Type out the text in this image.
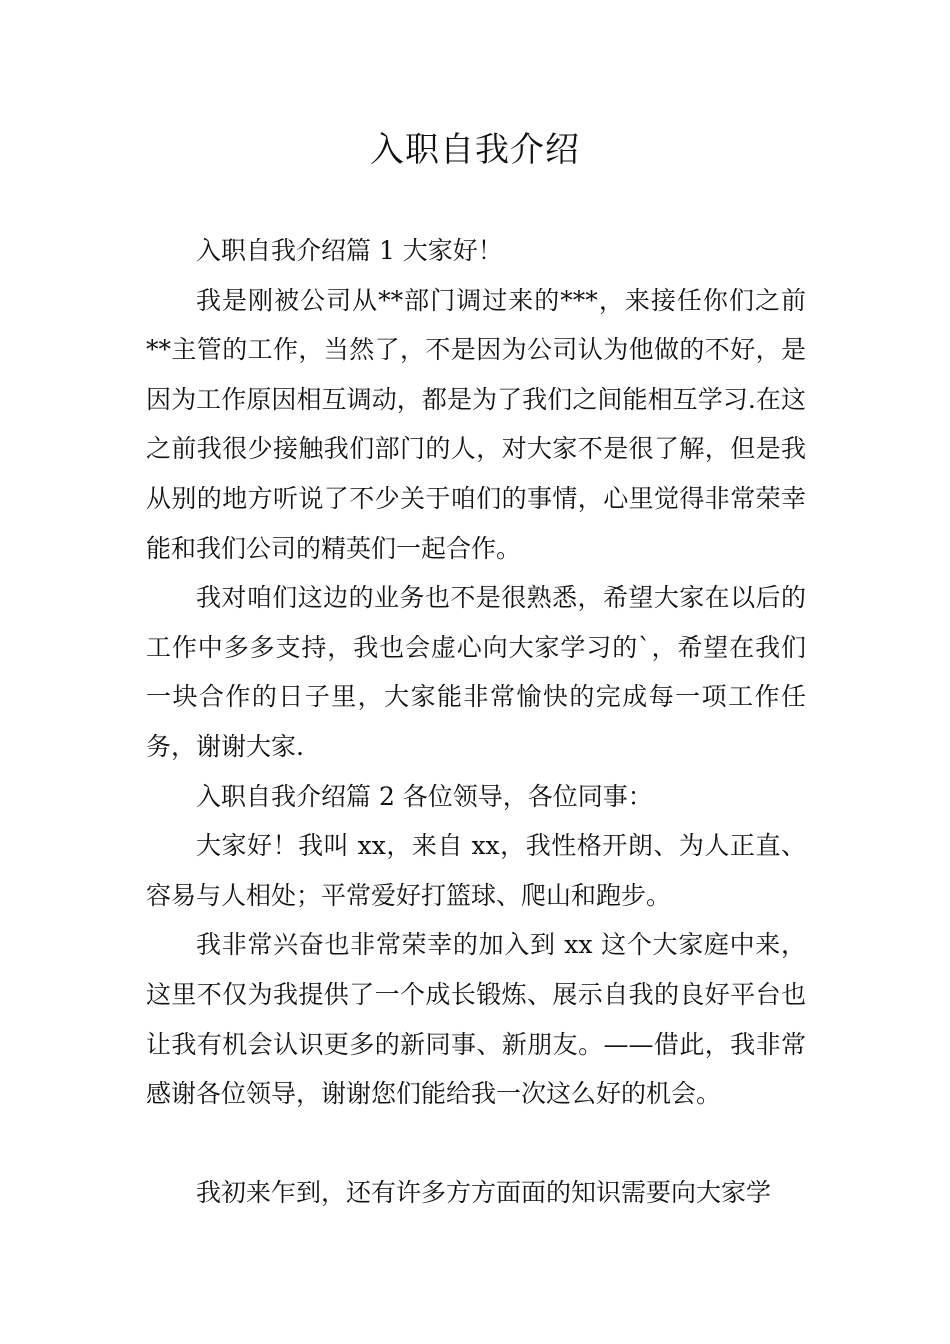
入职自我介绍

入职自我介绍篇 1 大家好！

我是刚被公司从**部门调过来的***，来接任你们之前**主管的工作，当然了，不是因为公司认为他做的不好，是因为工作原因相互调动，都是为了我们之间能相互学习.在这之前我很少接触我们部门的人，对大家不是很了解，但是我从别的地方听说了不少关于咱们的事情，心里觉得非常荣幸能和我们公司的精英们一起合作。

我对咱们这边的业务也不是很熟悉，希望大家在以后的工作中多多支持，我也会虚心向大家学习的`，希望在我们一块合作的日子里，大家能非常愉快的完成每一项工作任务，谢谢大家.

入职自我介绍篇 2 各位领导，各位同事：

大家好！我叫 xx，来自 xx，我性格开朗、为人正直、容易与人相处；平常爱好打篮球、爬山和跑步。

我非常兴奋也非常荣幸的加入到 xx 这个大家庭中来，这里不仅为我提供了一个成长锻炼、展示自我的良好平台也让我有机会认识更多的新同事、新朋友。——借此，我非常感谢各位领导，谢谢您们能给我一次这么好的机会。

我初来乍到，还有许多方方面面的知识需要向大家学
